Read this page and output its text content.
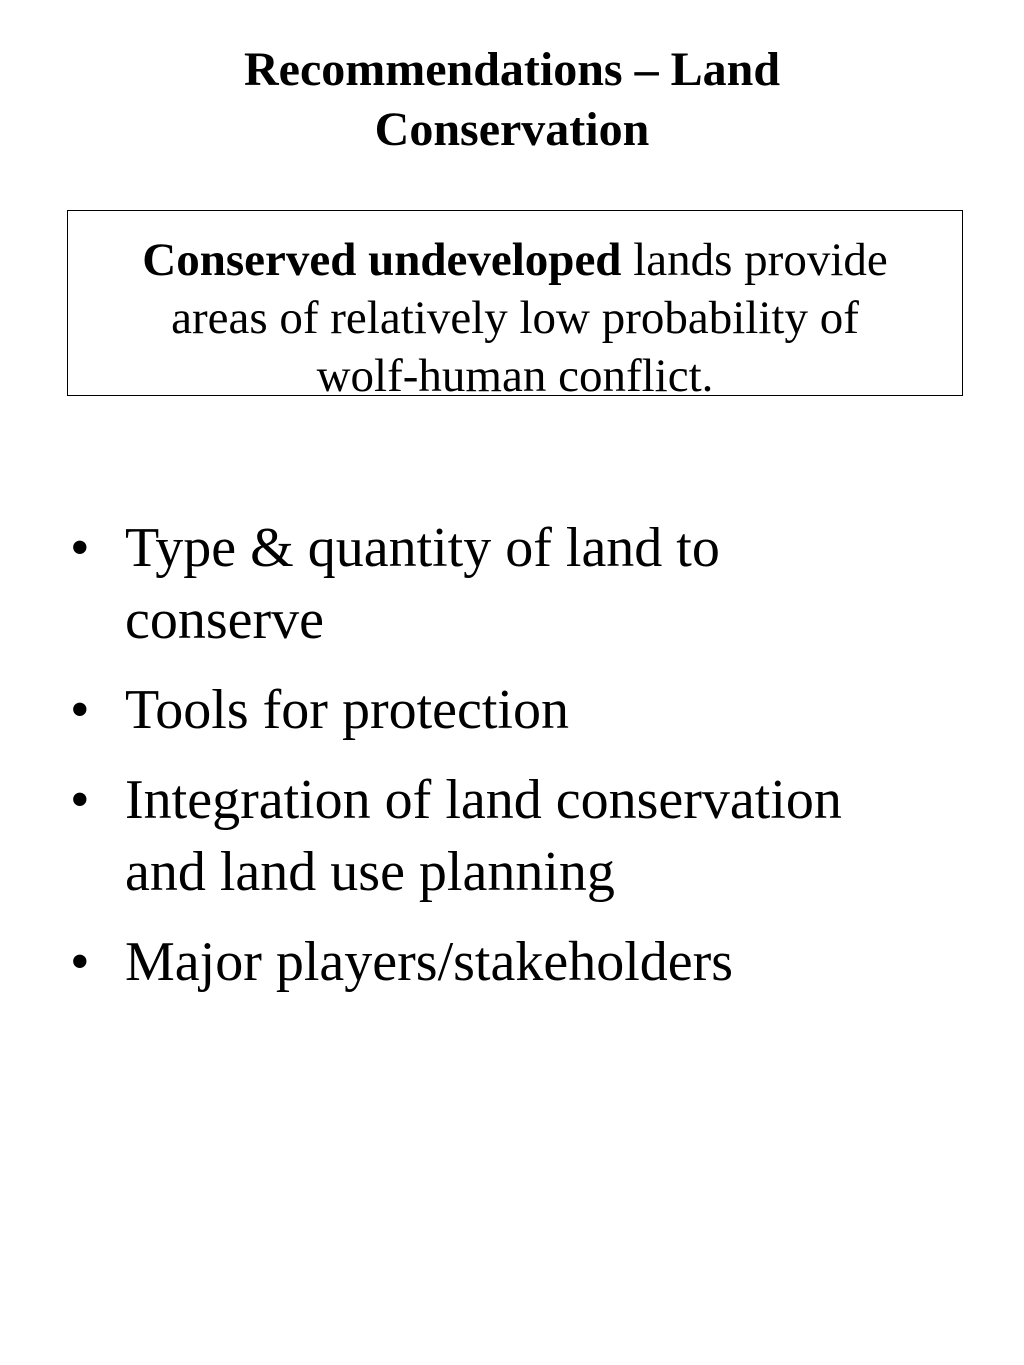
Recommendations – Land
Conservation
Conserved undeveloped lands provide
areas of relatively low probability of
wolf-human conflict.
• Type & quantity of land to
conserve
• Tools for protection
• Integration of land conservation
and land use planning
• Major players/stakeholders
